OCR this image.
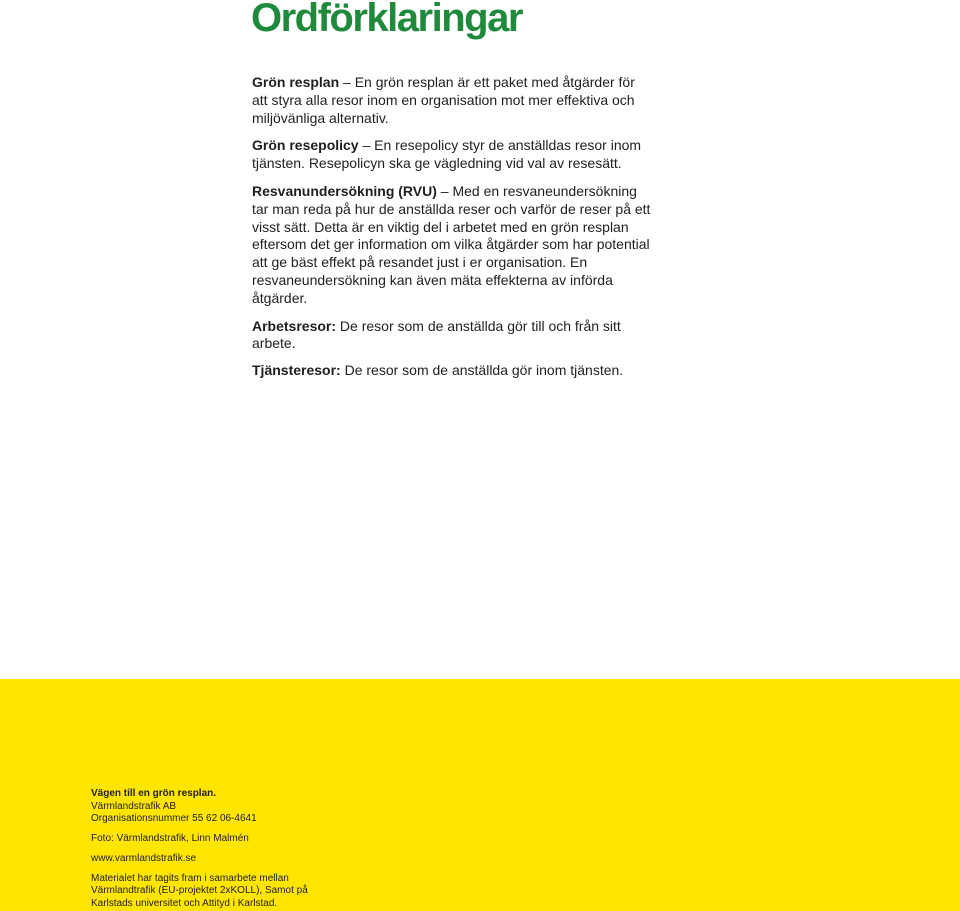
Ordförklaringar

Grön resplan – En grön resplan är ett paket med åtgärder för att styra alla resor inom en organisation mot mer effektiva och miljövänliga alternativ.

Grön resepolicy – En resepolicy styr de anställdas resor inom tjänsten. Resepolicyn ska ge vägledning vid val av resesätt.

Resvanundersökning (RVU) – Med en resvaneundersökning tar man reda på hur de anställda reser och varför de reser på ett visst sätt. Detta är en viktig del i arbetet med en grön resplan eftersom det ger information om vilka åtgärder som har potential att ge bäst effekt på resandet just i er organisation. En resvaneundersökning kan även mäta effekterna av införda åtgärder.

Arbetsresor: De resor som de anställda gör till och från sitt arbete.

Tjänsteresor: De resor som de anställda gör inom tjänsten.

Vägen till en grön resplan.

Värmlandstrafik AB

Organisationsnummer 55 62 06-4641

Foto: Värmlandstrafik, Linn Malmén

www.varmlandstrafik.se

Materialet har tagits fram i samarbete mellan Värmlandtrafik (EU-projektet 2xKOLL), Samot på Karlstads universitet och Attityd i Karlstad.
